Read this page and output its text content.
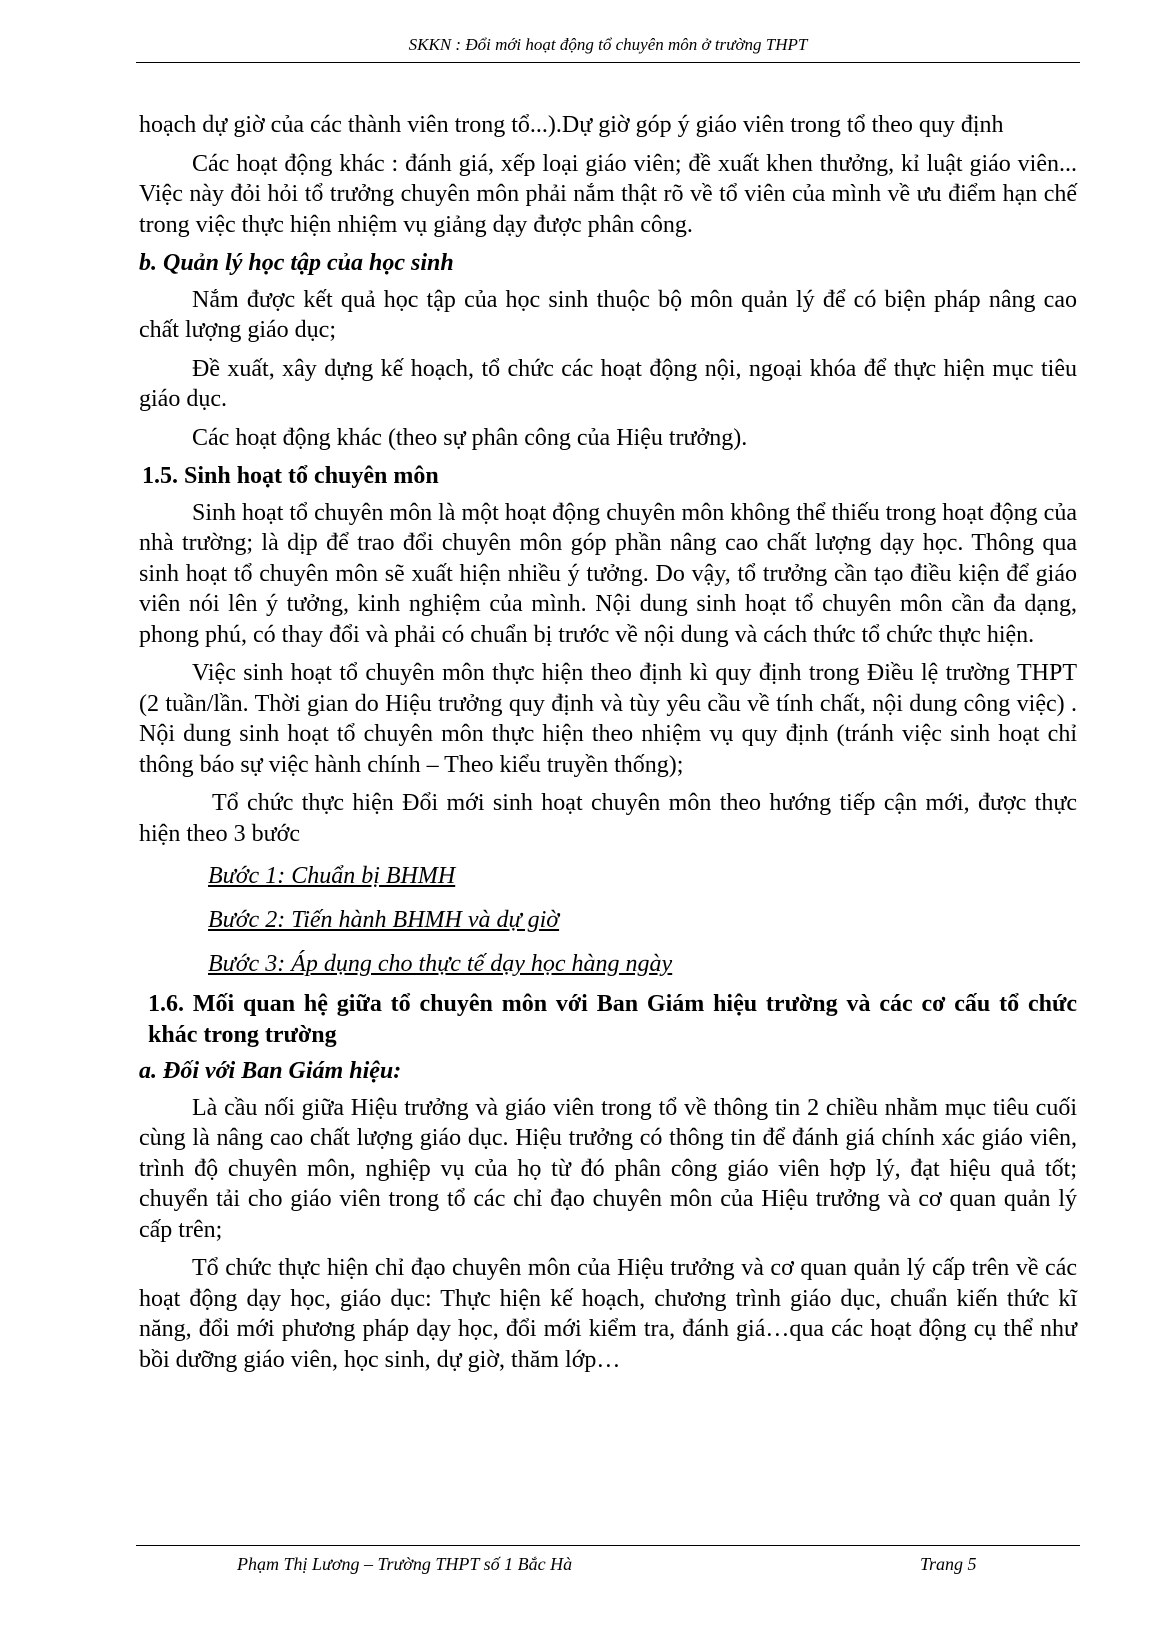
SKKN : Đổi mới hoạt động tổ chuyên môn ở trường THPT

hoạch dự giờ của các thành viên trong tổ...).Dự giờ góp ý giáo viên trong tổ theo quy định

Các hoạt động khác : đánh giá, xếp loại giáo viên; đề xuất khen thưởng, kỉ luật giáo viên... Việc này đỏi hỏi tổ trưởng chuyên môn phải nắm thật rõ về tổ viên của mình về ưu điểm hạn chế trong việc thực hiện nhiệm vụ giảng dạy được phân công.

b. Quản lý học tập của học sinh

Nắm được kết quả học tập của học sinh thuộc bộ môn quản lý để có biện pháp nâng cao chất lượng giáo dục;

Đề xuất, xây dựng kế hoạch, tổ chức các hoạt động nội, ngoại khóa để thực hiện mục tiêu giáo dục.

Các hoạt động khác (theo sự phân công của Hiệu trưởng).

1.5. Sinh hoạt tổ chuyên môn

Sinh hoạt tổ chuyên môn là một hoạt động chuyên môn không thể thiếu trong hoạt động của nhà trường; là dịp để trao đổi chuyên môn góp phần nâng cao chất lượng dạy học. Thông qua sinh hoạt tổ chuyên môn sẽ xuất hiện nhiều ý tưởng. Do vậy, tổ trưởng cần tạo điều kiện để giáo viên nói lên ý tưởng, kinh nghiệm của mình. Nội dung sinh hoạt tổ chuyên môn cần đa dạng, phong phú, có thay đổi và phải có chuẩn bị trước về nội dung và cách thức tổ chức thực hiện.

Việc sinh hoạt tổ chuyên môn thực hiện theo định kì quy định trong Điều lệ trường THPT (2 tuần/lần. Thời gian do Hiệu trưởng quy định và tùy yêu cầu về tính chất, nội dung công việc) . Nội dung sinh hoạt tổ chuyên môn thực hiện theo nhiệm vụ quy định (tránh việc sinh hoạt chỉ thông báo sự việc hành chính – Theo kiểu truyền thống);

Tổ chức thực hiện Đổi mới sinh hoạt chuyên môn theo hướng tiếp cận mới, được thực hiện theo 3 bước

Bước 1: Chuẩn bị BHMH
Bước 2: Tiến hành BHMH và dự giờ
Bước 3: Áp dụng cho thực tế dạy học hàng ngày
1.6. Mối quan hệ giữa tổ chuyên môn với Ban Giám hiệu trường và các cơ cấu tổ chức khác trong trường
a. Đối với Ban Giám hiệu:

Là cầu nối giữa Hiệu trưởng và giáo viên trong tổ về thông tin 2 chiều nhằm mục tiêu cuối cùng là nâng cao chất lượng giáo dục. Hiệu trưởng có thông tin để đánh giá chính xác giáo viên, trình độ chuyên môn, nghiệp vụ của họ từ đó phân công giáo viên hợp lý, đạt hiệu quả tốt; chuyển tải cho giáo viên trong tổ các chỉ đạo chuyên môn của Hiệu trưởng và cơ quan quản lý cấp trên;

Tổ chức thực hiện chỉ đạo chuyên môn của Hiệu trưởng và cơ quan quản lý cấp trên về các hoạt động dạy học, giáo dục: Thực hiện kế hoạch, chương trình giáo dục, chuẩn kiến thức kĩ năng, đổi mới phương pháp dạy học, đổi mới kiểm tra, đánh giá…qua các hoạt động cụ thể như bồi dưỡng giáo viên, học sinh, dự giờ, thăm lớp…

Phạm Thị Lương – Trường THPT số 1 Bắc Hà	Trang 5
